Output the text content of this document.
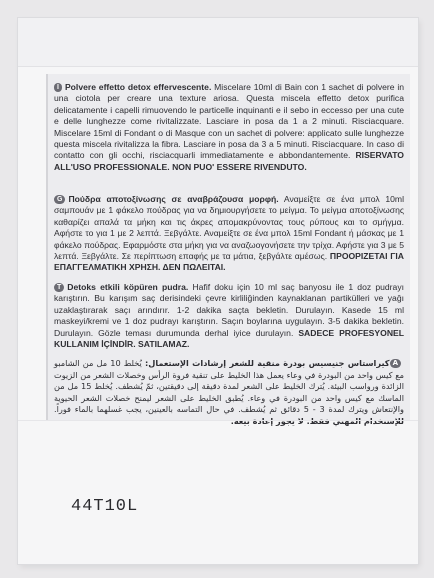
I Polvere effetto detox effervescente. Miscelare 10ml di Bain con 1 sachet di polvere in una ciotola per creare una texture ariosa. Questa miscela effetto detox purifica delicatamente i capelli rimuovendo le particelle inquinanti e il sebo in eccesso per una cute e delle lunghezze come rivitalizzate. Lasciare in posa da 1 a 2 minuti. Risciacquare. Miscelare 15ml di Fondant o di Masque con un sachet di polvere: applicato sulle lunghezze questa miscela rivitalizza la fibra. Lasciare in posa da 3 a 5 minuti. Risciacquare. In caso di contatto con gli occhi, risciacquarli immediatamente e abbondantemente. RISERVATO ALL'USO PROFESSIONALE. NON PUO' ESSERE RIVENDUTO.
G Πούδρα αποτοξίνωσης σε αναβράζουσα μορφή. Αναμείξτε σε ένα μπολ 10ml σαμπουάν με 1 φάκελο πούδρας για να δημιουργήσετε το μείγμα. Το μείγμα αποτοξίνωσης καθαρίζει απαλά τα μήκη και τις άκρες απομακρύνοντας τους ρύπους και το σμήγμα. Αφήστε το για 1 με 2 λεπτά. Ξεβγάλτε. Αναμείξτε σε ένα μπολ 15ml Fondant ή μάσκας με 1 φάκελο πούδρας. Εφαρμόστε στα μήκη για να αναζωογονήσετε την τρίχα. Αφήστε για 3 με 5 λεπτά. Ξεβγάλτε. Σε περίπτωση επαφής με τα μάτια, ξεβγάλτε αμέσως. ΠΡΟΟΡΙΖΕΤΑΙ ΓΙΑ ΕΠΑΓΓΕΛΜΑΤΙΚΗ ΧΡΗΣΗ. ΔΕΝ ΠΩΛΕΙΤΑΙ.
T Detoks etkili köpüren pudra. Hafif doku için 10 ml saç banyosu ile 1 doz pudrayı karıştırın. Bu karışım saç derisindeki çevre kirliliğinden kaynaklanan partikülleri ve yağı uzaklaştırarak saçı arındırır. 1-2 dakika saçta bekletin. Durulayın. Kasede 15 ml maskeyi/kremi ve 1 doz pudrayı karıştırın. Saçın boylarına uygulayın. 3-5 dakika bekletin. Durulayın. Gözle teması durumunda derhal iyice durulayın. SADECE PROFESYONEL KULLANIM İÇİNDİR. SATILAMAZ.
Aكيراستاس جنيسيس بودرة منقية للشعر إرشادات الإستعمال: يُخلط 10 مل من الشامبو مع كيس واحد من البودرة في وعاء يعمل هذا الخليط على تنقية فروة الرأس وخصلات الشعر من الزيوت الزائدة ورواسب البيئة. يُترك الخليط على الشعر لمدة دقيقة إلى دقيقتين، ثمّ يُشطف. يُخلط 15 مل من الماسك مع كيس واحد من البودرة في وعاء. يُطبق الخليط على الشعر ليمنح خصلات الشعر الحيوية والإنتعاش ويترك لمدة 3 - 5 دقائق ثم يُشطف. في حال التماسه بالعينين، يجب غسلهما بالماء فوراً.
44T10L
